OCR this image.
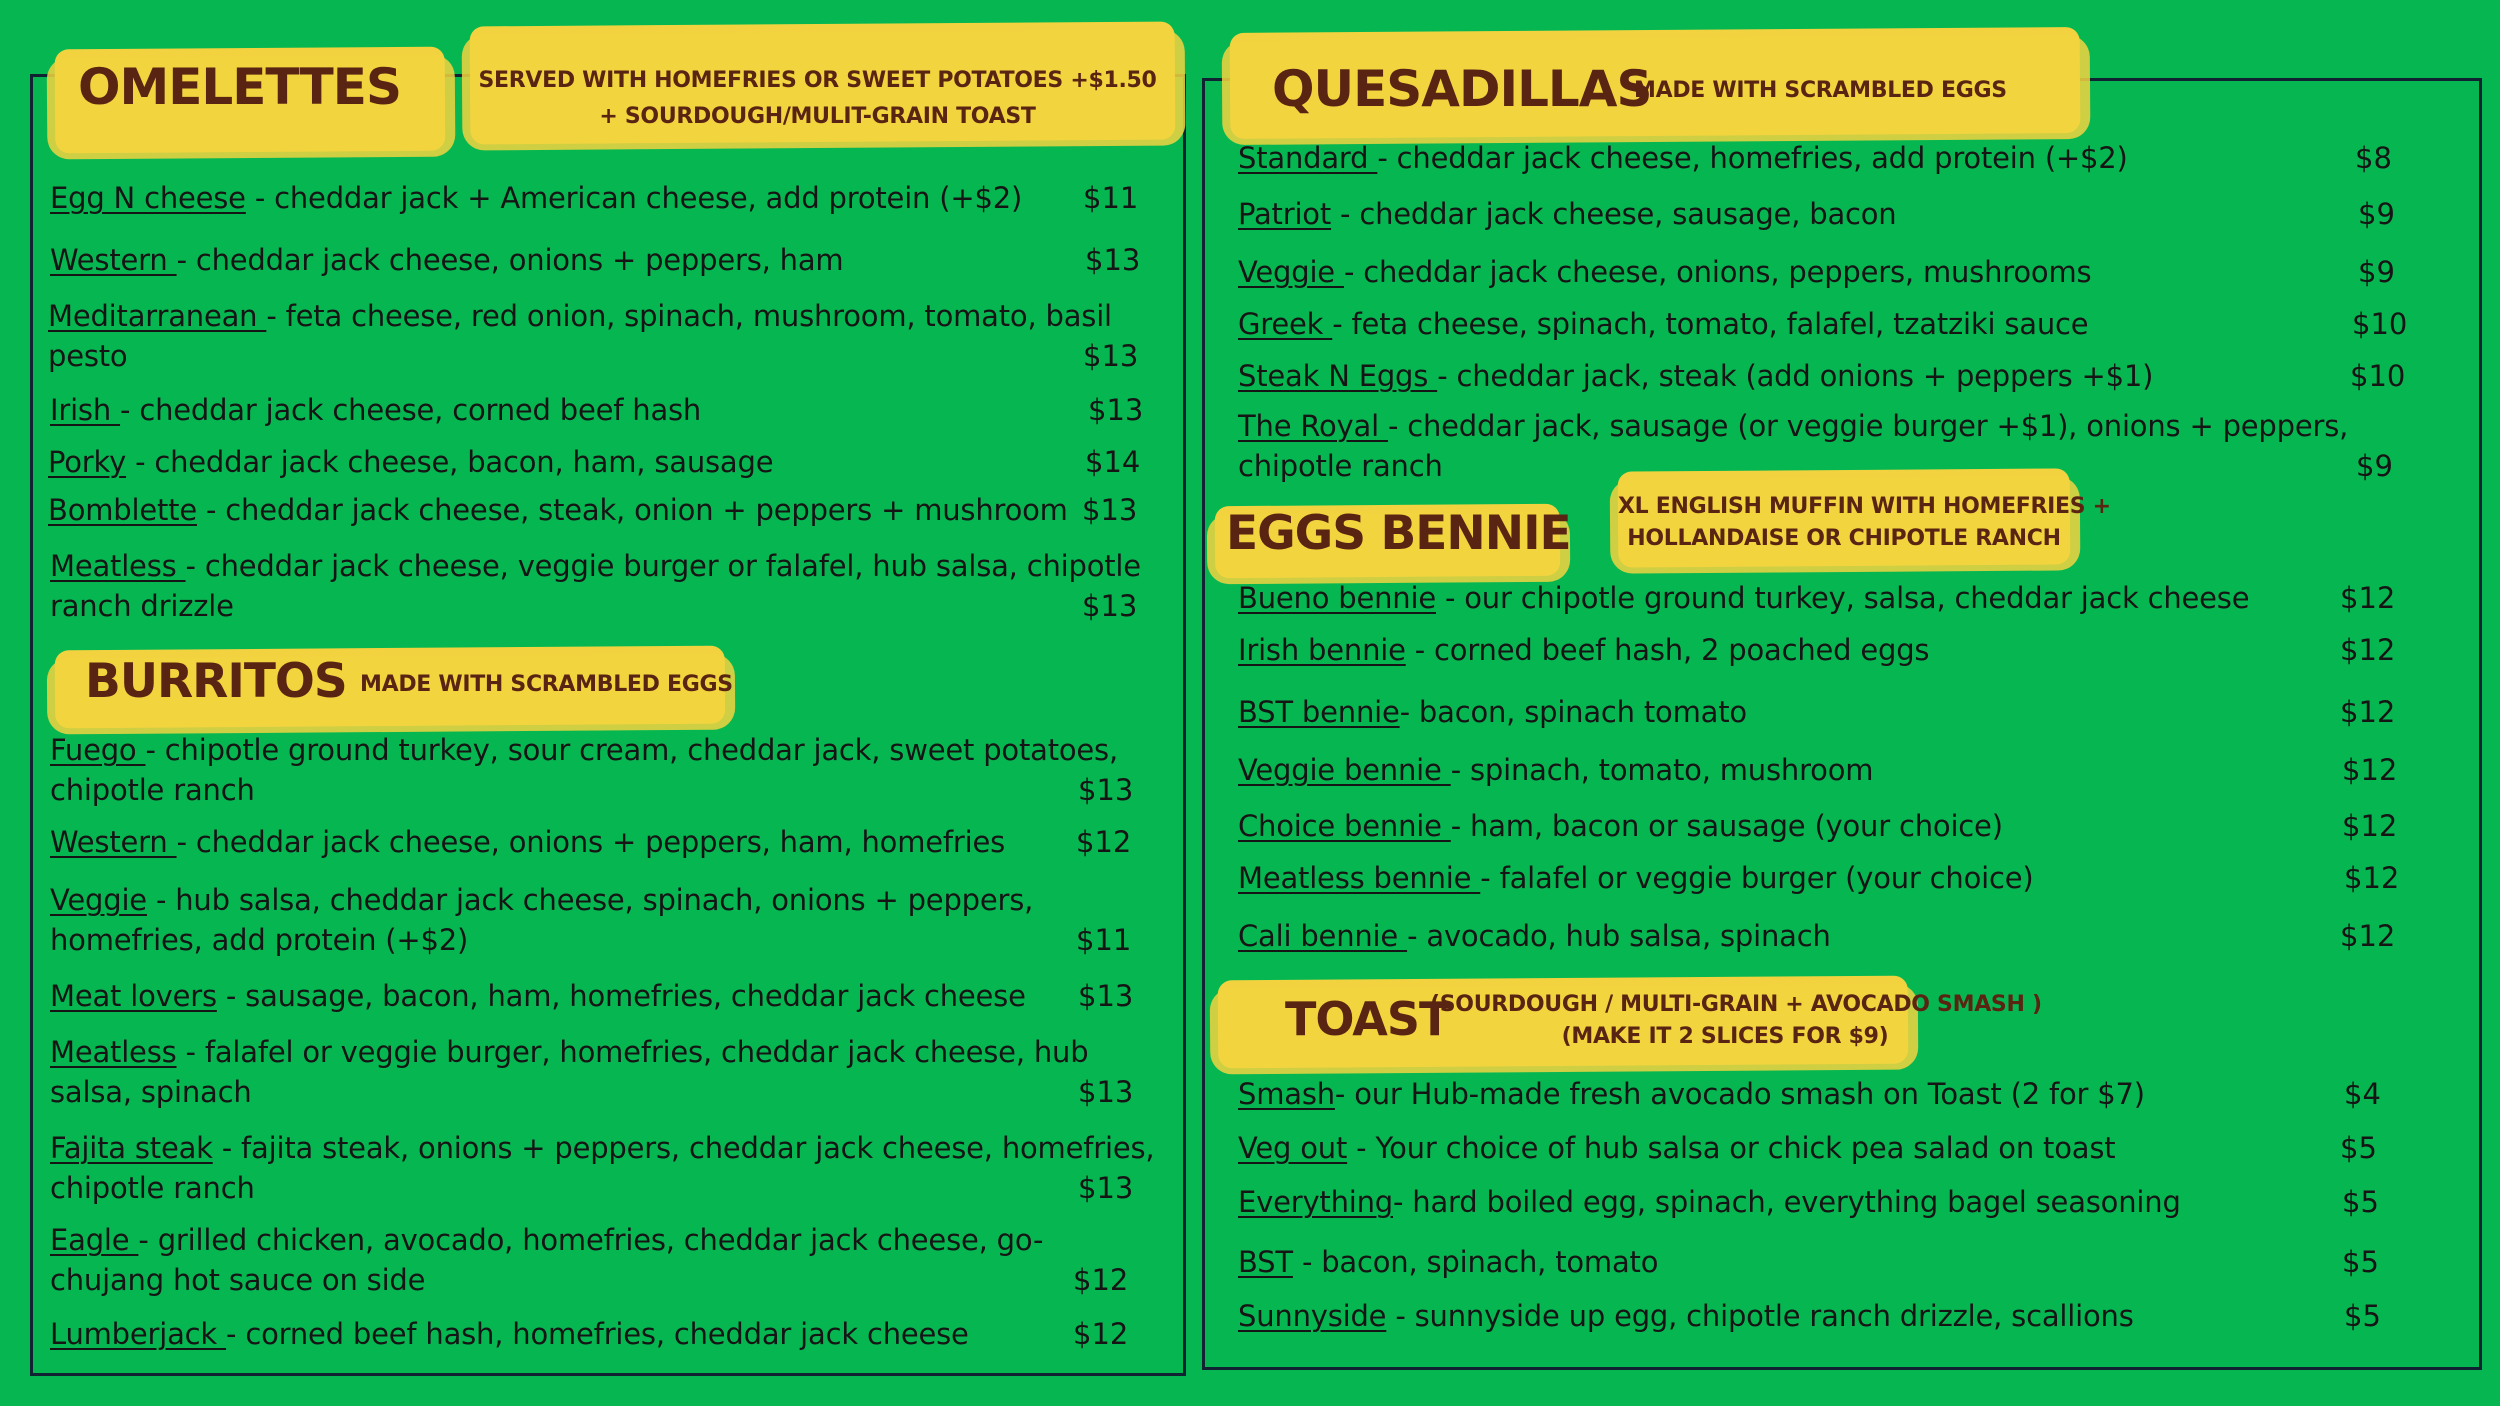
OMELETTES	SERVED WITH HOMEFRIES OR SWEET POTATOES +$1.50
+ SOURDOUGH/MULIT-GRAIN TOAST
Egg N cheese - cheddar jack + American cheese, add protein (+$2) $11
Western - cheddar jack cheese, onions + peppers, ham	$13
Meditarranean - feta cheese, red onion, spinach, mushroom, tomato, basil
pesto	$13
Irish - cheddar jack cheese, corned beef hash	$13
Porky - cheddar jack cheese, bacon, ham, sausage	$14
Bomblette - cheddar jack cheese, steak, onion + peppers + mushroom $13
Meatless - cheddar jack cheese, veggie burger or falafel, hub salsa, chipotle
ranch drizzle	$13
BURRITOS MADE WITH SCRAMBLED EGGS
Fuego - chipotle ground turkey, sour cream, cheddar jack, sweet potatoes,
chipotle ranch	$13
Western - cheddar jack cheese, onions + peppers, ham, homefries $12
Veggie - hub salsa, cheddar jack cheese, spinach, onions + peppers,
homefries, add protein (+$2)	$11
Meat lovers - sausage, bacon, ham, homefries, cheddar jack cheese $13
Meatless - falafel or veggie burger, homefries, cheddar jack cheese, hub
salsa, spinach	$13
Fajita steak - fajita steak, onions + peppers, cheddar jack cheese, homefries,
chipotle ranch	$13
Eagle - grilled chicken, avocado, homefries, cheddar jack cheese, go-
chujang hot sauce on side	$12
Lumberjack - corned beef hash, homefries, cheddar jack cheese	$12
QUESADILLAS
MADE WITH SCRAMBLED EGGS
Standard - cheddar jack cheese, homefries, add protein (+$2)	$8
Patriot - cheddar jack cheese, sausage, bacon	$9
Veggie - cheddar jack cheese, onions, peppers, mushrooms	$9
Greek - feta cheese, spinach, tomato, falafel, tzatziki sauce	$10
Steak N Eggs - cheddar jack, steak (add onions + peppers +$1)	$10
The Royal - cheddar jack, sausage (or veggie burger +$1), onions + peppers,
chipotle ranch	$9
EGGS BENNIE XL ENGLISH MUFFIN WITH HOMEFRIES +
HOLLANDAISE OR CHIPOTLE RANCH
Bueno bennie - our chipotle ground turkey, salsa, cheddar jack cheese	$12
Irish bennie - corned beef hash, 2 poached eggs	$12
BST bennie- bacon, spinach tomato	$12
Veggie bennie - spinach, tomato, mushroom	$12
Choice bennie - ham, bacon or sausage (your choice)	$12
Meatless bennie - falafel or veggie burger (your choice)	$12
Cali bennie - avocado, hub salsa, spinach	$12
TOAST
(SOURDOUGH / MULTI-GRAIN + AVOCADO SMASH )
(MAKE IT 2 SLICES FOR $9)
Smash- our Hub-made fresh avocado smash on Toast (2 for $7)	$4
Veg out - Your choice of hub salsa or chick pea salad on toast	$5
Everything- hard boiled egg, spinach, everything bagel seasoning	$5
BST - bacon, spinach, tomato	$5
Sunnyside - sunnyside up egg, chipotle ranch drizzle, scallions	$5
